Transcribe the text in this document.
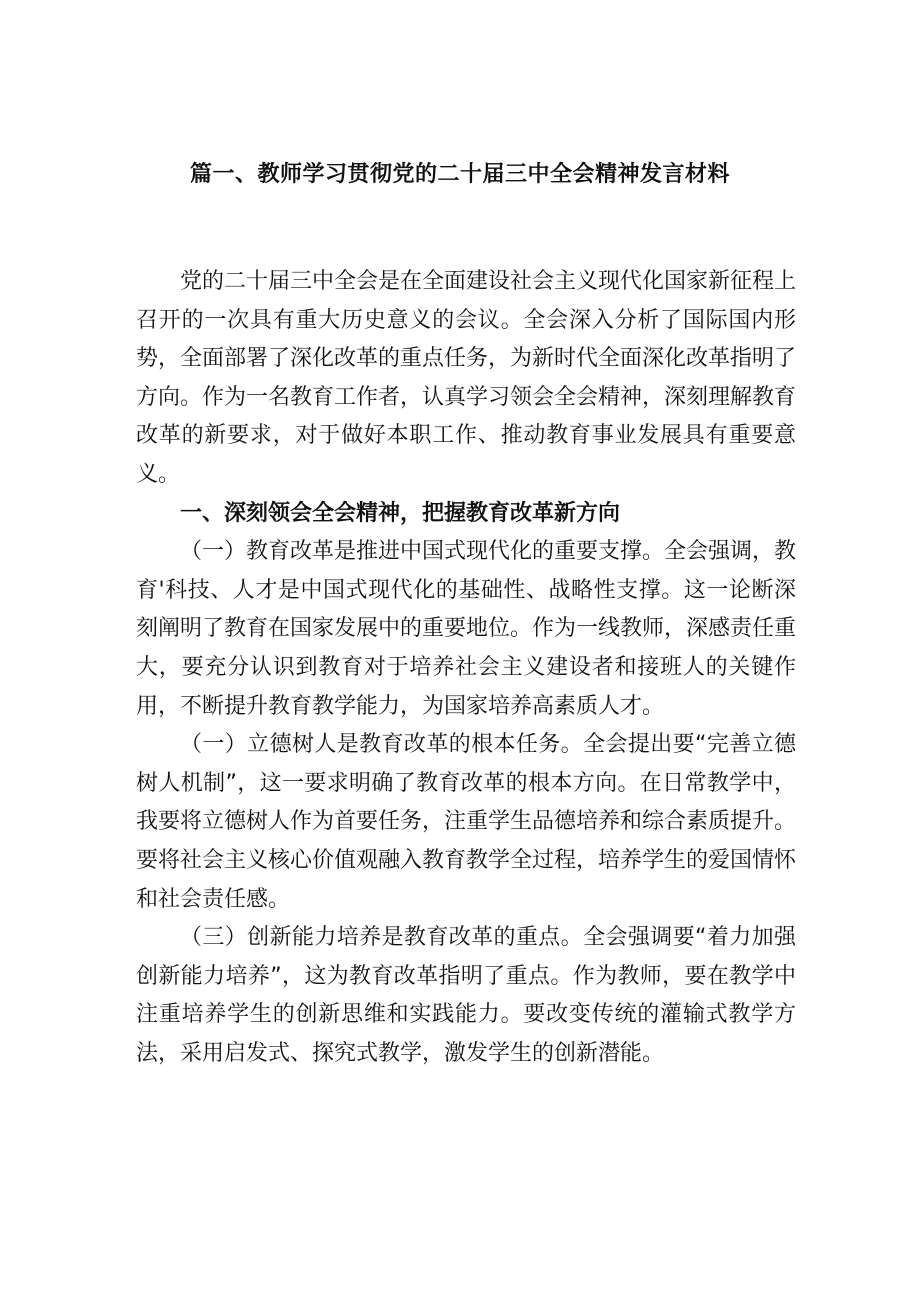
篇一、教师学习贯彻党的二十届三中全会精神发言材料

党的二十届三中全会是在全面建设社会主义现代化国家新征程上召开的一次具有重大历史意义的会议。全会深入分析了国际国内形势，全面部署了深化改革的重点任务，为新时代全面深化改革指明了方向。作为一名教育工作者，认真学习领会全会精神，深刻理解教育改革的新要求，对于做好本职工作、推动教育事业发展具有重要意义。

一、深刻领会全会精神，把握教育改革新方向

（一）教育改革是推进中国式现代化的重要支撑。全会强调，教育'科技、人才是中国式现代化的基础性、战略性支撑。这一论断深刻阐明了教育在国家发展中的重要地位。作为一线教师，深感责任重大，要充分认识到教育对于培养社会主义建设者和接班人的关键作用，不断提升教育教学能力，为国家培养高素质人才。

（一）立德树人是教育改革的根本任务。全会提出要“完善立德树人机制”，这一要求明确了教育改革的根本方向。在日常教学中，我要将立德树人作为首要任务，注重学生品德培养和综合素质提升。要将社会主义核心价值观融入教育教学全过程，培养学生的爱国情怀和社会责任感。

（三）创新能力培养是教育改革的重点。全会强调要“着力加强创新能力培养”，这为教育改革指明了重点。作为教师，要在教学中注重培养学生的创新思维和实践能力。要改变传统的灌输式教学方法，采用启发式、探究式教学，激发学生的创新潜能。
